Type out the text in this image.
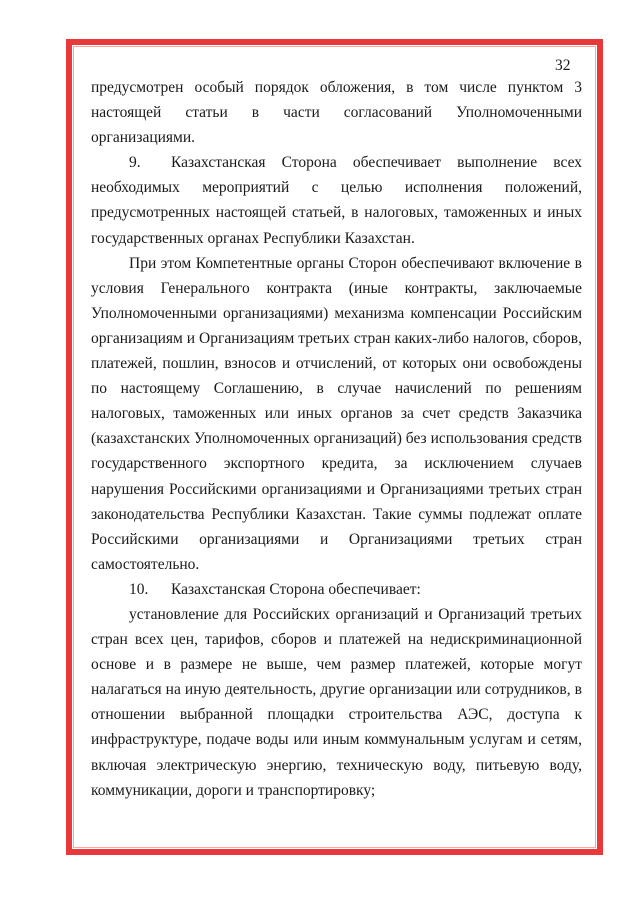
32

предусмотрен особый порядок обложения, в том числе пунктом 3 настоящей статьи в части согласований Уполномоченными организациями.

9. Казахстанская Сторона обеспечивает выполнение всех необходимых мероприятий с целью исполнения положений, предусмотренных настоящей статьей, в налоговых, таможенных и иных государственных органах Республики Казахстан.

При этом Компетентные органы Сторон обеспечивают включение в условия Генерального контракта (иные контракты, заключаемые Уполномоченными организациями) механизма компенсации Российским организациям и Организациям третьих стран каких-либо налогов, сборов, платежей, пошлин, взносов и отчислений, от которых они освобождены по настоящему Соглашению, в случае начислений по решениям налоговых, таможенных или иных органов за счет средств Заказчика (казахстанских Уполномоченных организаций) без использования средств государственного экспортного кредита, за исключением случаев нарушения Российскими организациями и Организациями третьих стран законодательства Республики Казахстан. Такие суммы подлежат оплате Российскими организациями и Организациями третьих стран самостоятельно.

10. Казахстанская Сторона обеспечивает:

установление для Российских организаций и Организаций третьих стран всех цен, тарифов, сборов и платежей на недискриминационной основе и в размере не выше, чем размер платежей, которые могут налагаться на иную деятельность, другие организации или сотрудников, в отношении выбранной площадки строительства АЭС, доступа к инфраструктуре, подаче воды или иным коммунальным услугам и сетям, включая электрическую энергию, техническую воду, питьевую воду, коммуникации, дороги и транспортировку;
